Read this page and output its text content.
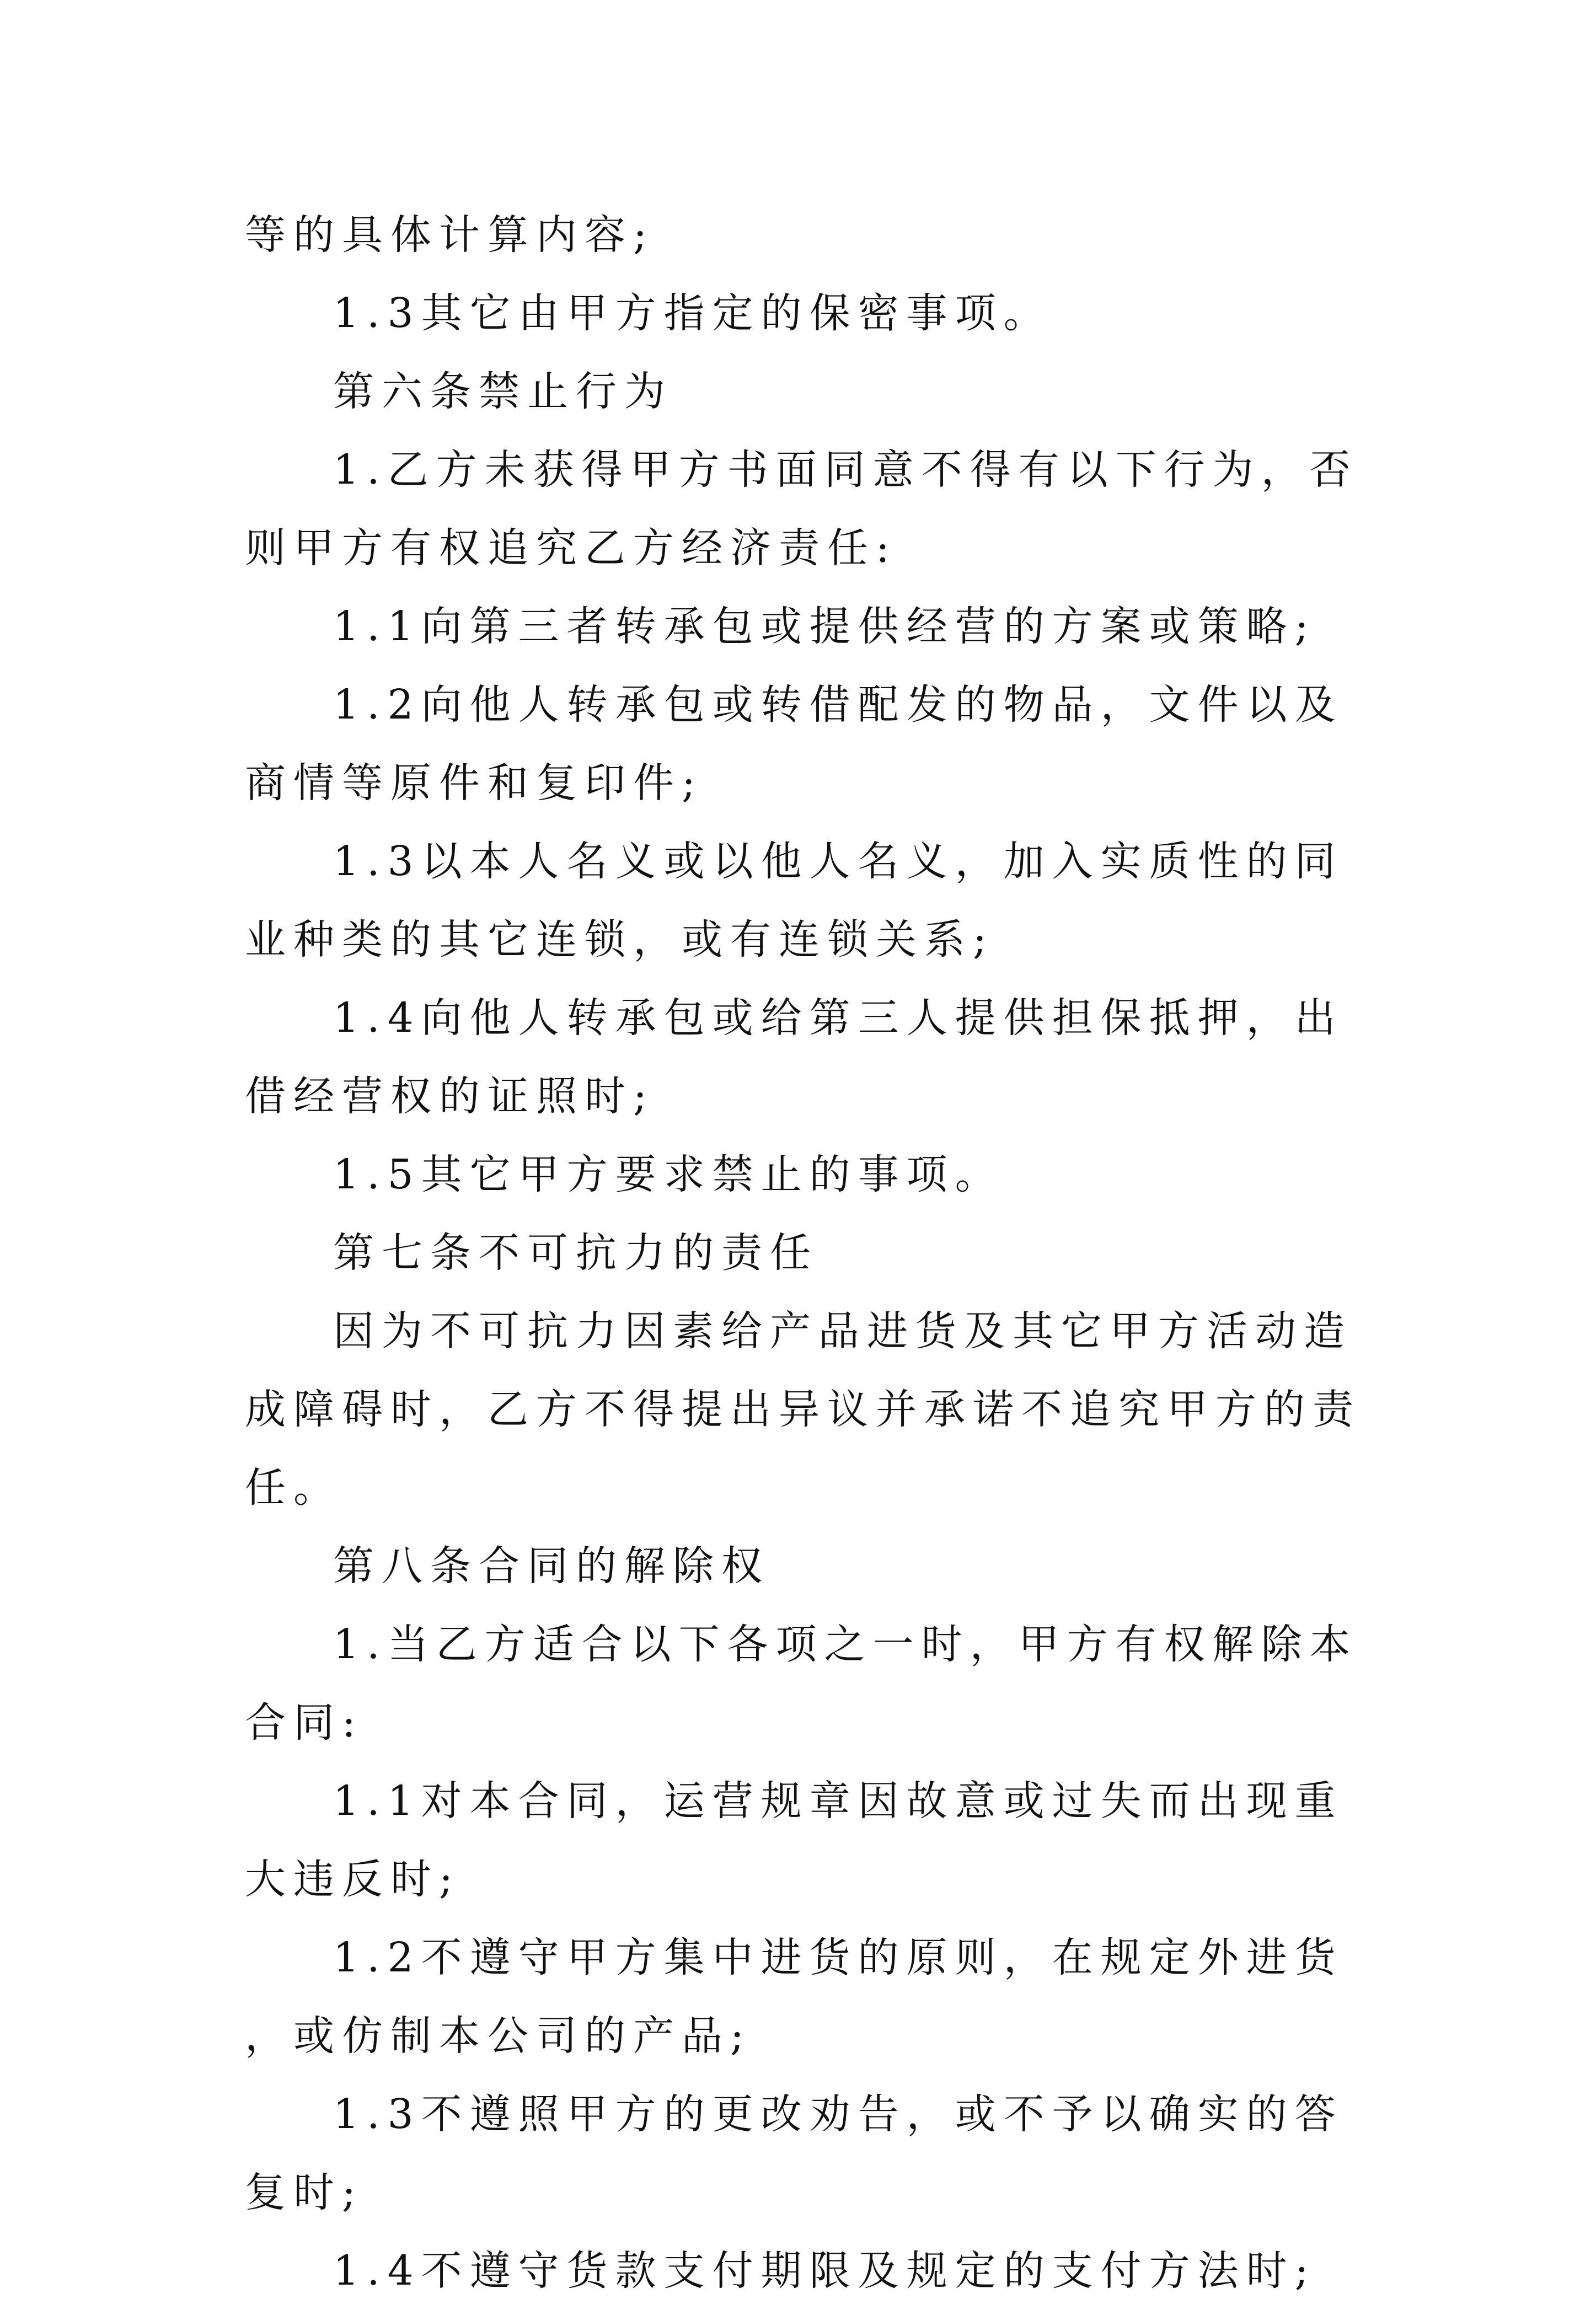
等的具体计算内容;

1.3其它由甲方指定的保密事项。

第六条禁止行为

1.乙方未获得甲方书面同意不得有以下行为，否则甲方有权追究乙方经济责任:

1.1向第三者转承包或提供经营的方案或策略;

1.2向他人转承包或转借配发的物品，文件以及商情等原件和复印件;

1.3以本人名义或以他人名义，加入实质性的同业种类的其它连锁，或有连锁关系;

1.4向他人转承包或给第三人提供担保抵押，出借经营权的证照时;

1.5其它甲方要求禁止的事项。

第七条不可抗力的责任

因为不可抗力因素给产品进货及其它甲方活动造成障碍时，乙方不得提出异议并承诺不追究甲方的责任。

第八条合同的解除权

1.当乙方适合以下各项之一时，甲方有权解除本合同:

1.1对本合同，运营规章因故意或过失而出现重大违反时;

1.2不遵守甲方集中进货的原则，在规定外进货，或仿制本公司的产品;

1.3不遵照甲方的更改劝告，或不予以确实的答复时;

1.4不遵守货款支付期限及规定的支付方法时;
